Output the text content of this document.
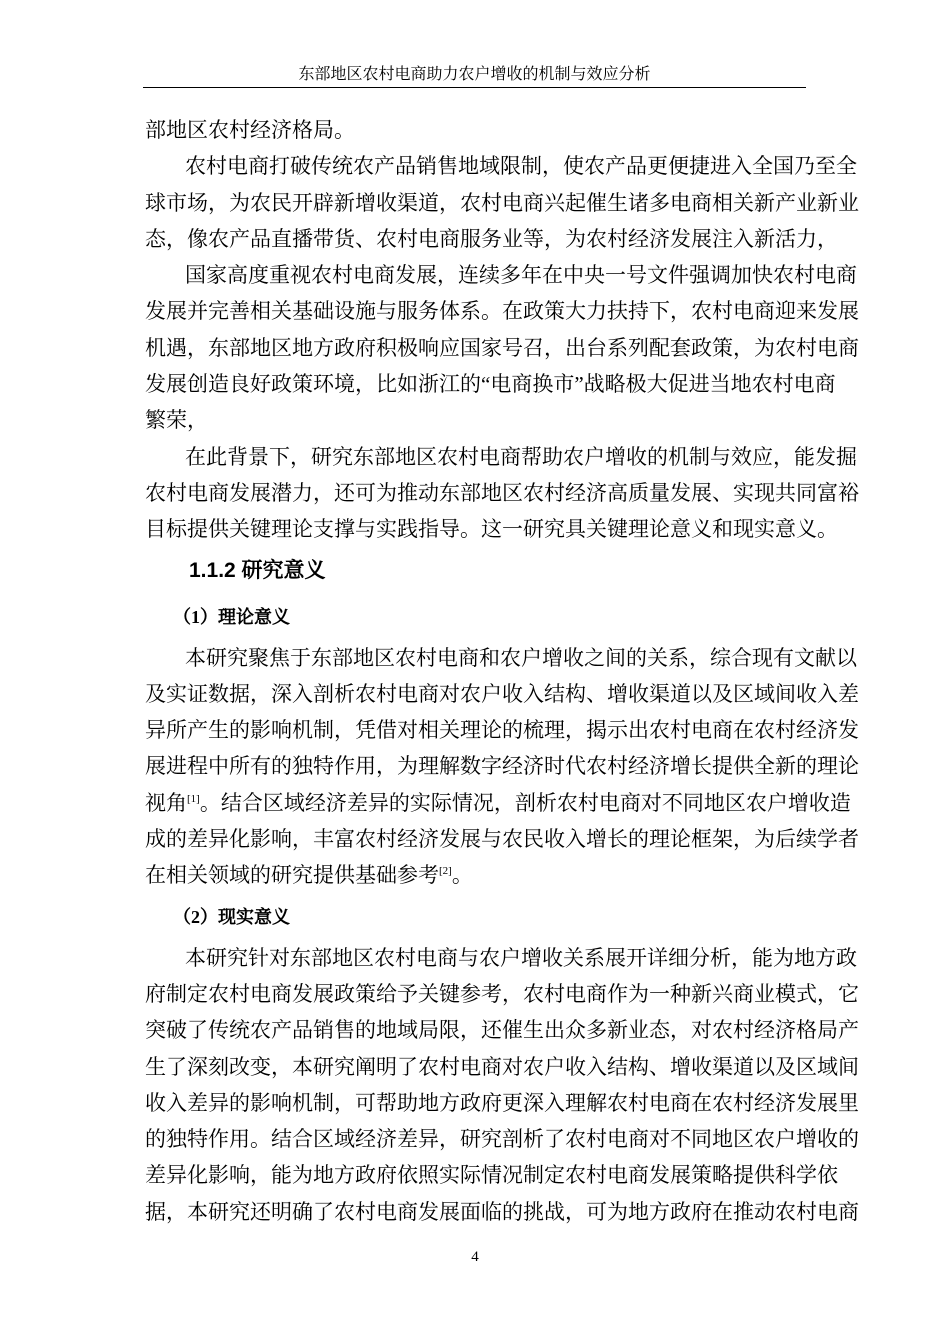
东部地区农村电商助力农户增收的机制与效应分析
部地区农村经济格局。
农村电商打破传统农产品销售地域限制，使农产品更便捷进入全国乃至全
球市场，为农民开辟新增收渠道，农村电商兴起催生诸多电商相关新产业新业
态，像农产品直播带货、农村电商服务业等，为农村经济发展注入新活力，
国家高度重视农村电商发展，连续多年在中央一号文件强调加快农村电商
发展并完善相关基础设施与服务体系。在政策大力扶持下，农村电商迎来发展
机遇，东部地区地方政府积极响应国家号召，出台系列配套政策，为农村电商
发展创造良好政策环境，比如浙江的“电商换市”战略极大促进当地农村电商
繁荣，
在此背景下，研究东部地区农村电商帮助农户增收的机制与效应，能发掘
农村电商发展潜力，还可为推动东部地区农村经济高质量发展、实现共同富裕
目标提供关键理论支撑与实践指导。这一研究具关键理论意义和现实意义。
1.1.2 研究意义
（1）理论意义
本研究聚焦于东部地区农村电商和农户增收之间的关系，综合现有文献以
及实证数据，深入剖析农村电商对农户收入结构、增收渠道以及区域间收入差
异所产生的影响机制，凭借对相关理论的梳理，揭示出农村电商在农村经济发
展进程中所有的独特作用，为理解数字经济时代农村经济增长提供全新的理论
视角[1]。结合区域经济差异的实际情况，剖析农村电商对不同地区农户增收造
成的差异化影响，丰富农村经济发展与农民收入增长的理论框架，为后续学者
在相关领域的研究提供基础参考[2]。
（2）现实意义
本研究针对东部地区农村电商与农户增收关系展开详细分析，能为地方政
府制定农村电商发展政策给予关键参考，农村电商作为一种新兴商业模式，它
突破了传统农产品销售的地域局限，还催生出众多新业态，对农村经济格局产
生了深刻改变，本研究阐明了农村电商对农户收入结构、增收渠道以及区域间
收入差异的影响机制，可帮助地方政府更深入理解农村电商在农村经济发展里
的独特作用。结合区域经济差异，研究剖析了农村电商对不同地区农户增收的
差异化影响，能为地方政府依照实际情况制定农村电商发展策略提供科学依
据，本研究还明确了农村电商发展面临的挑战，可为地方政府在推动农村电商
4
